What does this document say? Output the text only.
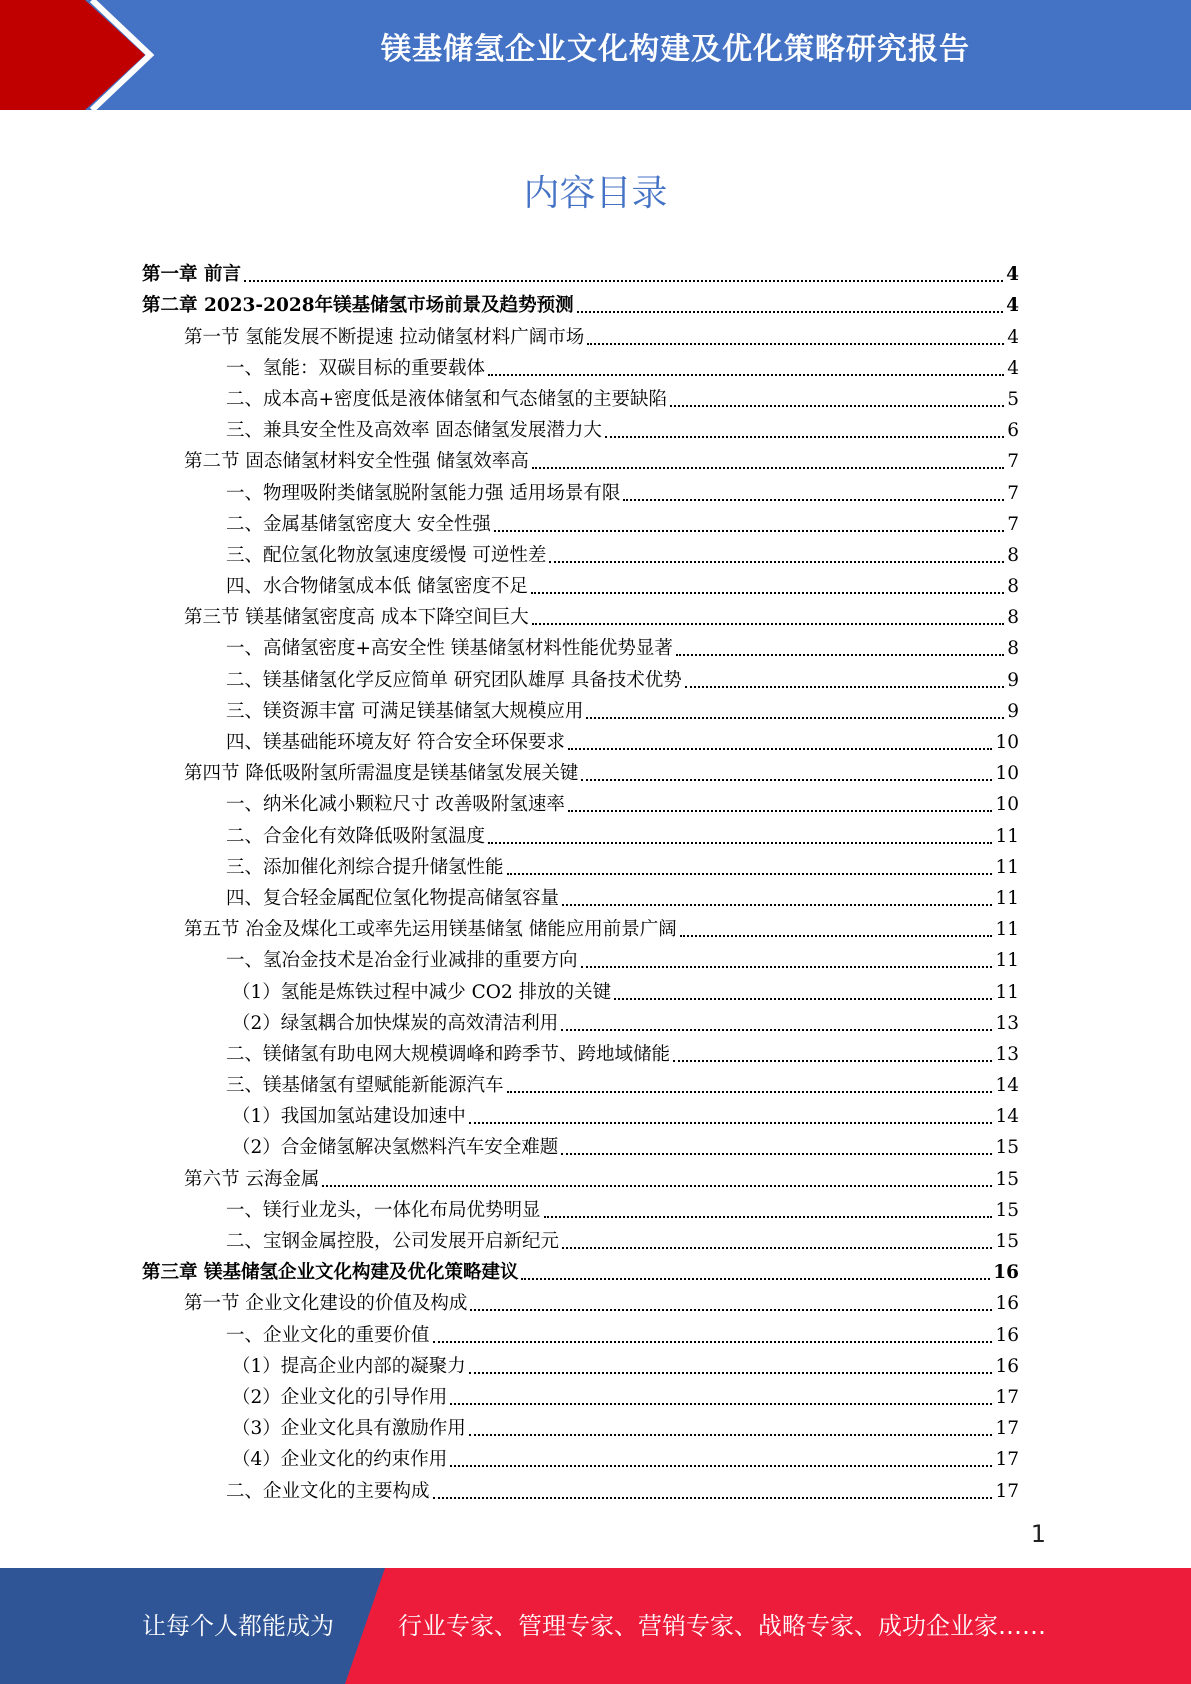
镁基储氢企业文化构建及优化策略研究报告
内容目录
第一章 前言	4
第二章 2023-2028年镁基储氢市场前景及趋势预测	4
第一节 氢能发展不断提速 拉动储氢材料广阔市场	4
一、氢能：双碳目标的重要载体	4
二、成本高+密度低是液体储氢和气态储氢的主要缺陷	5
三、兼具安全性及高效率 固态储氢发展潜力大	6
第二节 固态储氢材料安全性强 储氢效率高	7
一、物理吸附类储氢脱附氢能力强 适用场景有限	7
二、金属基储氢密度大 安全性强	7
三、配位氢化物放氢速度缓慢 可逆性差	8
四、水合物储氢成本低 储氢密度不足	8
第三节 镁基储氢密度高 成本下降空间巨大	8
一、高储氢密度+高安全性 镁基储氢材料性能优势显著	8
二、镁基储氢化学反应简单 研究团队雄厚 具备技术优势	9
三、镁资源丰富 可满足镁基储氢大规模应用	9
四、镁基础能环境友好 符合安全环保要求	10
第四节 降低吸附氢所需温度是镁基储氢发展关键	10
一、纳米化减小颗粒尺寸 改善吸附氢速率	10
二、合金化有效降低吸附氢温度	11
三、添加催化剂综合提升储氢性能	11
四、复合轻金属配位氢化物提高储氢容量	11
第五节 冶金及煤化工或率先运用镁基储氢 储能应用前景广阔	11
一、氢冶金技术是冶金行业减排的重要方向	11
（1）氢能是炼铁过程中减少 CO2 排放的关键	11
（2）绿氢耦合加快煤炭的高效清洁利用	13
二、镁储氢有助电网大规模调峰和跨季节、跨地域储能	13
三、镁基储氢有望赋能新能源汽车	14
（1）我国加氢站建设加速中	14
（2）合金储氢解决氢燃料汽车安全难题	15
第六节 云海金属	15
一、镁行业龙头，一体化布局优势明显	15
二、宝钢金属控股，公司发展开启新纪元	15
第三章 镁基储氢企业文化构建及优化策略建议	16
第一节 企业文化建设的价值及构成	16
一、企业文化的重要价值	16
（1）提高企业内部的凝聚力	16
（2）企业文化的引导作用	17
（3）企业文化具有激励作用	17
（4）企业文化的约束作用	17
二、企业文化的主要构成	17
1
让每个人都能成为	行业专家、管理专家、营销专家、战略专家、成功企业家……
